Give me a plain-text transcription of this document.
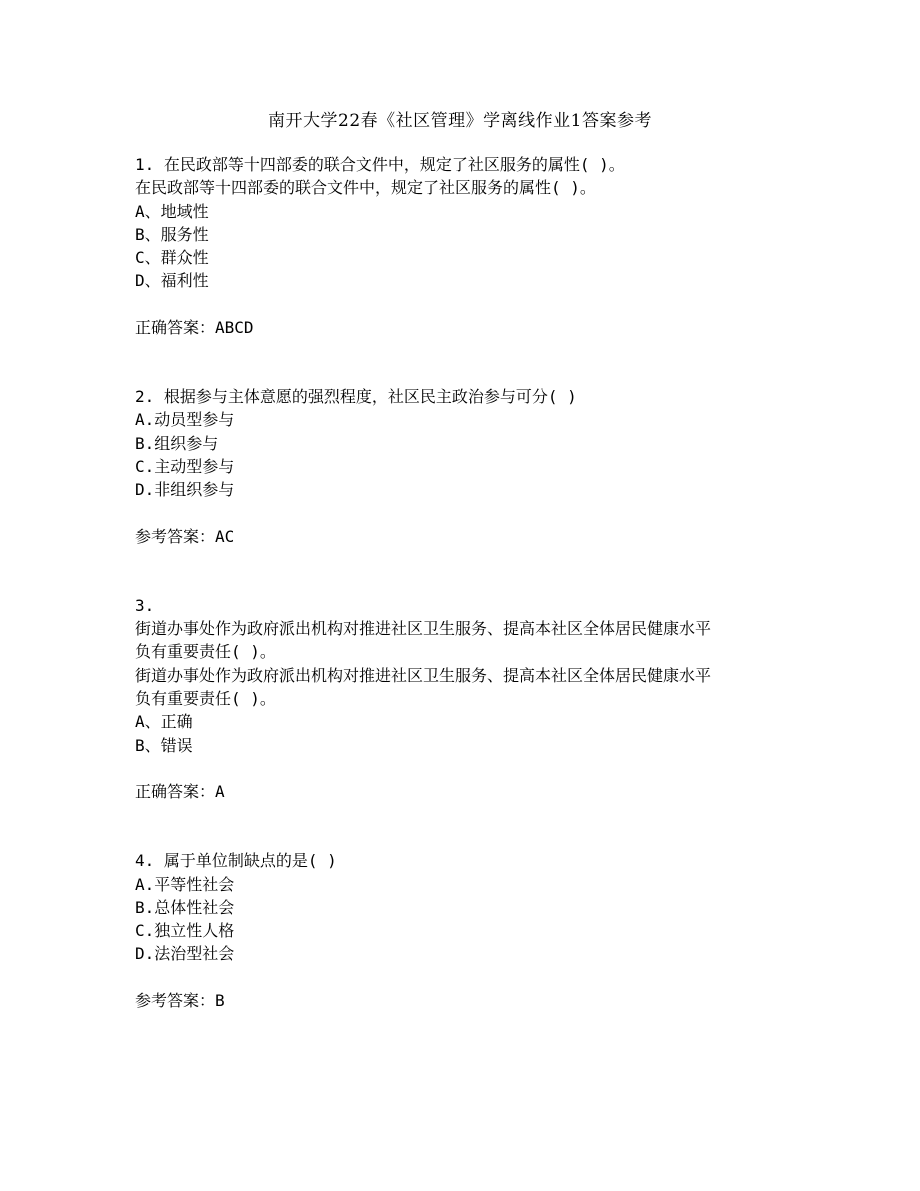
南开大学22春《社区管理》学离线作业1答案参考
1. 在民政部等十四部委的联合文件中，规定了社区服务的属性( )。
在民政部等十四部委的联合文件中，规定了社区服务的属性( )。
A、地域性
B、服务性
C、群众性
D、福利性
正确答案：ABCD
2. 根据参与主体意愿的强烈程度，社区民主政治参与可分( )
A.动员型参与
B.组织参与
C.主动型参与
D.非组织参与
参考答案：AC
3.
街道办事处作为政府派出机构对推进社区卫生服务、提高本社区全体居民健康水平
负有重要责任( )。
街道办事处作为政府派出机构对推进社区卫生服务、提高本社区全体居民健康水平
负有重要责任( )。
A、正确
B、错误
正确答案：A
4. 属于单位制缺点的是( )
A.平等性社会
B.总体性社会
C.独立性人格
D.法治型社会
参考答案：B
